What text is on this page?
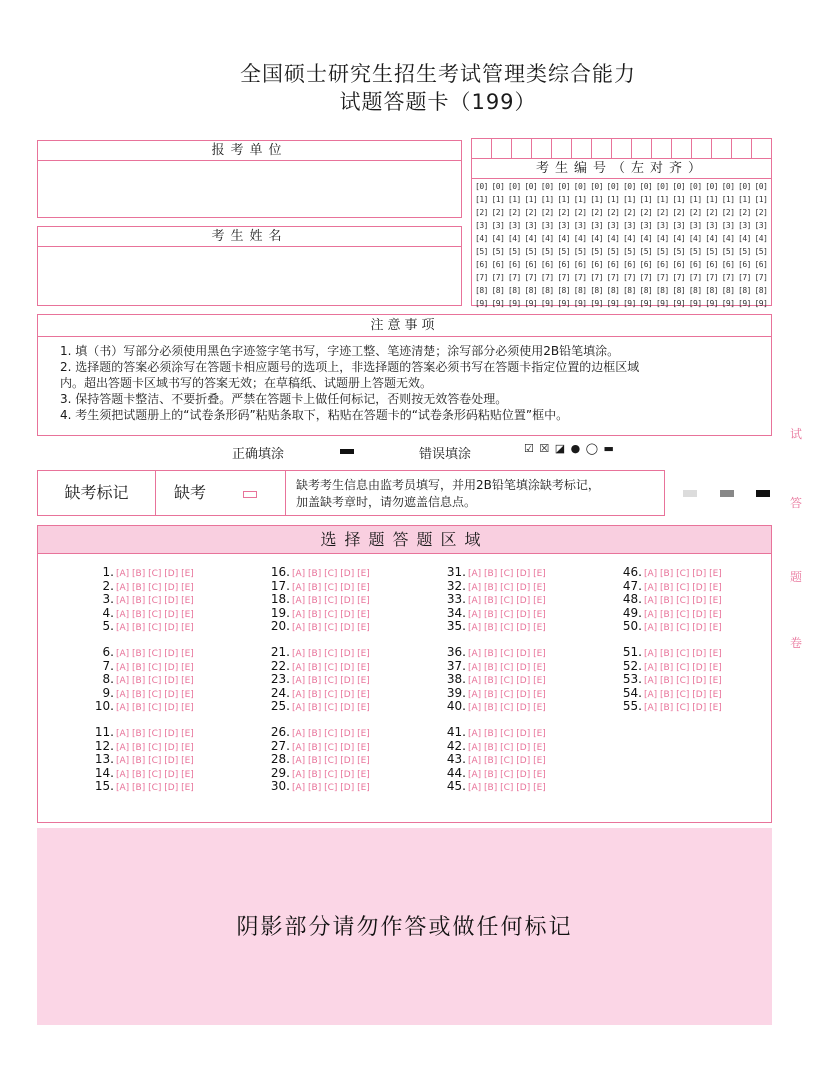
全国硕士研究生招生考试管理类综合能力
试题答题卡（199）
报考单位
考生姓名
考生编号（左对齐）
[0] [0] [0] [0] [0] [0] [0] [0] [0] [0] [0] [0] [0] [0] [0] [0] [0] [0]
[1] [1] [1] [1] [1] [1] [1] [1] [1] [1] [1] [1] [1] [1] [1] [1] [1] [1]
[2] [2] [2] [2] [2] [2] [2] [2] [2] [2] [2] [2] [2] [2] [2] [2] [2] [2]
[3] [3] [3] [3] [3] [3] [3] [3] [3] [3] [3] [3] [3] [3] [3] [3] [3] [3]
[4] [4] [4] [4] [4] [4] [4] [4] [4] [4] [4] [4] [4] [4] [4] [4] [4] [4]
[5] [5] [5] [5] [5] [5] [5] [5] [5] [5] [5] [5] [5] [5] [5] [5] [5] [5]
[6] [6] [6] [6] [6] [6] [6] [6] [6] [6] [6] [6] [6] [6] [6] [6] [6] [6]
[7] [7] [7] [7] [7] [7] [7] [7] [7] [7] [7] [7] [7] [7] [7] [7] [7] [7]
[8] [8] [8] [8] [8] [8] [8] [8] [8] [8] [8] [8] [8] [8] [8] [8] [8] [8]
[9] [9] [9] [9] [9] [9] [9] [9] [9] [9] [9] [9] [9] [9] [9] [9] [9] [9]
注意事项

1. 填（书）写部分必须使用黑色字迹签字笔书写，字迹工整、笔迹清楚；涂写部分必须使用2B铅笔填涂。

2. 选择题的答案必须涂写在答题卡相应题号的选项上，非选择题的答案必须书写在答题卡指定位置的边框区域

内。超出答题卡区域书写的答案无效；在草稿纸、试题册上答题无效。

3. 保持答题卡整洁、不要折叠。严禁在答题卡上做任何标记，否则按无效答卷处理。

4. 考生须把试题册上的“试卷条形码”粘贴条取下，粘贴在答题卡的“试卷条形码粘贴位置”框中。

正确填涂	错误填涂	☑ ☒ ◪ ● ◯ ▬
缺考标记	缺考	缺考考生信息由监考员填写，并用2B铅笔填涂缺考标记，
加盖缺考章时，请勿遮盖信息点。
选择题答题区域
1. [A] [B] [C] [D] [E]
2. [A] [B] [C] [D] [E]
3. [A] [B] [C] [D] [E]
4. [A] [B] [C] [D] [E]
5. [A] [B] [C] [D] [E]
6. [A] [B] [C] [D] [E]
7. [A] [B] [C] [D] [E]
8. [A] [B] [C] [D] [E]
9. [A] [B] [C] [D] [E]
10. [A] [B] [C] [D] [E]
11. [A] [B] [C] [D] [E]
12. [A] [B] [C] [D] [E]
13. [A] [B] [C] [D] [E]
14. [A] [B] [C] [D] [E]
15. [A] [B] [C] [D] [E]
16. [A] [B] [C] [D] [E]
17. [A] [B] [C] [D] [E]
18. [A] [B] [C] [D] [E]
19. [A] [B] [C] [D] [E]
20. [A] [B] [C] [D] [E]
21. [A] [B] [C] [D] [E]
22. [A] [B] [C] [D] [E]
23. [A] [B] [C] [D] [E]
24. [A] [B] [C] [D] [E]
25. [A] [B] [C] [D] [E]
26. [A] [B] [C] [D] [E]
27. [A] [B] [C] [D] [E]
28. [A] [B] [C] [D] [E]
29. [A] [B] [C] [D] [E]
30. [A] [B] [C] [D] [E]
31. [A] [B] [C] [D] [E]
32. [A] [B] [C] [D] [E]
33. [A] [B] [C] [D] [E]
34. [A] [B] [C] [D] [E]
35. [A] [B] [C] [D] [E]
36. [A] [B] [C] [D] [E]
37. [A] [B] [C] [D] [E]
38. [A] [B] [C] [D] [E]
39. [A] [B] [C] [D] [E]
40. [A] [B] [C] [D] [E]
41. [A] [B] [C] [D] [E]
42. [A] [B] [C] [D] [E]
43. [A] [B] [C] [D] [E]
44. [A] [B] [C] [D] [E]
45. [A] [B] [C] [D] [E]
46. [A] [B] [C] [D] [E]
47. [A] [B] [C] [D] [E]
48. [A] [B] [C] [D] [E]
49. [A] [B] [C] [D] [E]
50. [A] [B] [C] [D] [E]
51. [A] [B] [C] [D] [E]
52. [A] [B] [C] [D] [E]
53. [A] [B] [C] [D] [E]
54. [A] [B] [C] [D] [E]
55. [A] [B] [C] [D] [E]
阴影部分请勿作答或做任何标记
试
答
题
卷
